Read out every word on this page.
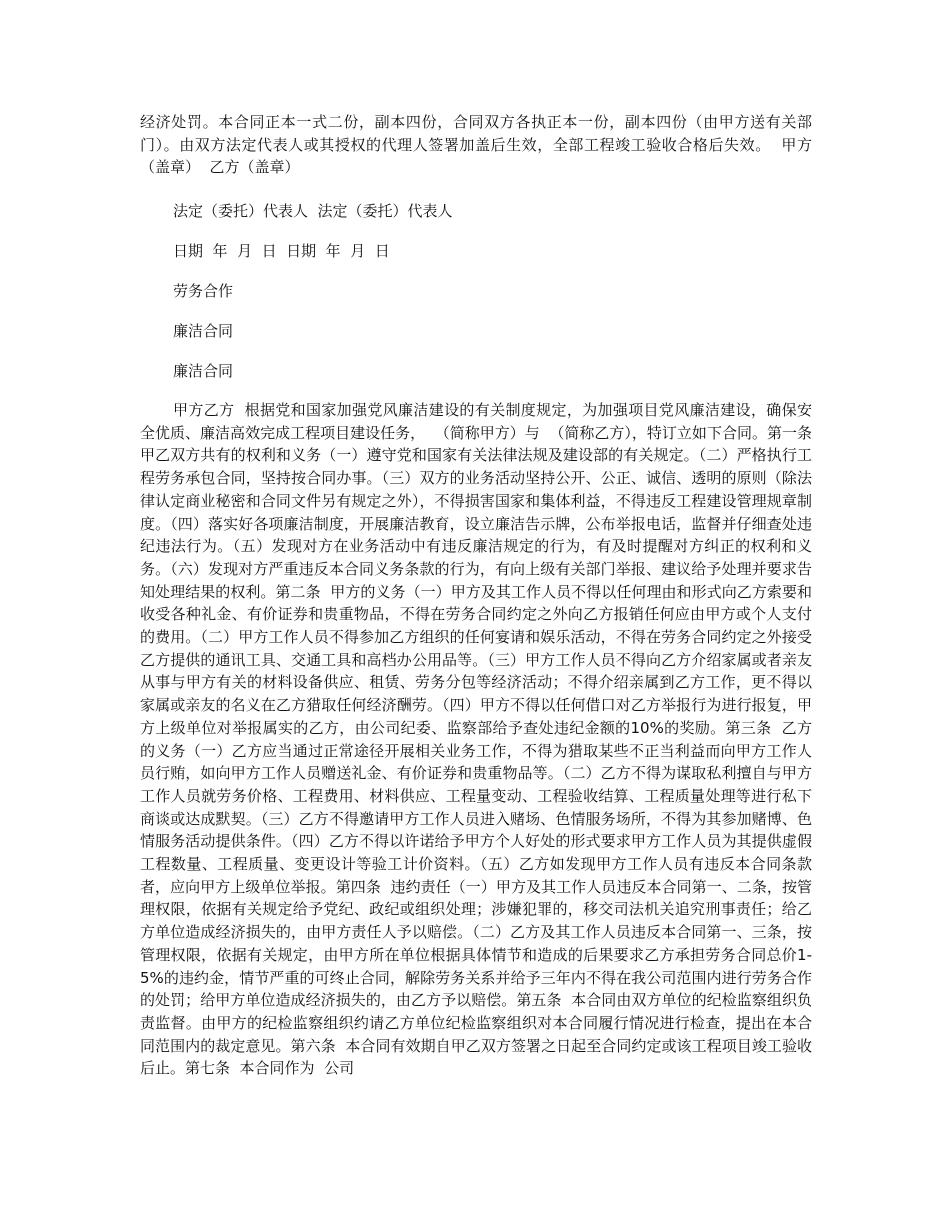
经济处罚。本合同正本一式二份，副本四份，合同双方各执正本一份，副本四份（由甲方送有关部门）。由双方法定代表人或其授权的代理人签署加盖后生效，全部工程竣工验收合格后失效。  甲方（盖章）  乙方（盖章）

法定（委托）代表人  法定（委托）代表人

日期  年  月  日  日期  年  月  日

劳务合作

廉洁合同

廉洁合同

甲方乙方  根据党和国家加强党风廉洁建设的有关制度规定，为加强项目党风廉洁建设，确保安全优质、廉洁高效完成工程项目建设任务，  （简称甲方）与  （简称乙方），特订立如下合同。第一条  甲乙双方共有的权利和义务（一）遵守党和国家有关法律法规及建设部的有关规定。（二）严格执行工程劳务承包合同，坚持按合同办事。（三）双方的业务活动坚持公开、公正、诚信、透明的原则（除法律认定商业秘密和合同文件另有规定之外），不得损害国家和集体利益，不得违反工程建设管理规章制度。（四）落实好各项廉洁制度，开展廉洁教育，设立廉洁告示牌，公布举报电话，监督并仔细查处违纪违法行为。（五）发现对方在业务活动中有违反廉洁规定的行为，有及时提醒对方纠正的权利和义务。（六）发现对方严重违反本合同义务条款的行为，有向上级有关部门举报、建议给予处理并要求告知处理结果的权利。第二条  甲方的义务（一）甲方及其工作人员不得以任何理由和形式向乙方索要和收受各种礼金、有价证券和贵重物品，不得在劳务合同约定之外向乙方报销任何应由甲方或个人支付的费用。（二）甲方工作人员不得参加乙方组织的任何宴请和娱乐活动，不得在劳务合同约定之外接受乙方提供的通讯工具、交通工具和高档办公用品等。（三）甲方工作人员不得向乙方介绍家属或者亲友从事与甲方有关的材料设备供应、租赁、劳务分包等经济活动；不得介绍亲属到乙方工作，更不得以家属或亲友的名义在乙方猎取任何经济酬劳。（四）甲方不得以任何借口对乙方举报行为进行报复，甲方上级单位对举报属实的乙方，由公司纪委、监察部给予查处违纪金额的10%的奖励。第三条  乙方的义务（一）乙方应当通过正常途径开展相关业务工作，不得为猎取某些不正当利益而向甲方工作人员行贿，如向甲方工作人员赠送礼金、有价证券和贵重物品等。（二）乙方不得为谋取私利擅自与甲方工作人员就劳务价格、工程费用、材料供应、工程量变动、工程验收结算、工程质量处理等进行私下商谈或达成默契。（三）乙方不得邀请甲方工作人员进入赌场、色情服务场所，不得为其参加赌博、色情服务活动提供条件。（四）乙方不得以许诺给予甲方个人好处的形式要求甲方工作人员为其提供虚假工程数量、工程质量、变更设计等验工计价资料。（五）乙方如发现甲方工作人员有违反本合同条款者，应向甲方上级单位举报。第四条  违约责任（一）甲方及其工作人员违反本合同第一、二条，按管理权限，依据有关规定给予党纪、政纪或组织处理；涉嫌犯罪的，移交司法机关追究刑事责任；给乙方单位造成经济损失的，由甲方责任人予以赔偿。（二）乙方及其工作人员违反本合同第一、三条，按管理权限，依据有关规定，由甲方所在单位根据具体情节和造成的后果要求乙方承担劳务合同总价1-5%的违约金，情节严重的可终止合同，解除劳务关系并给予三年内不得在我公司范围内进行劳务合作的处罚；给甲方单位造成经济损失的，由乙方予以赔偿。第五条  本合同由双方单位的纪检监察组织负责监督。由甲方的纪检监察组织约请乙方单位纪检监察组织对本合同履行情况进行检查，提出在本合同范围内的裁定意见。第六条  本合同有效期自甲乙双方签署之日起至合同约定或该工程项目竣工验收后止。第七条  本合同作为  公司
